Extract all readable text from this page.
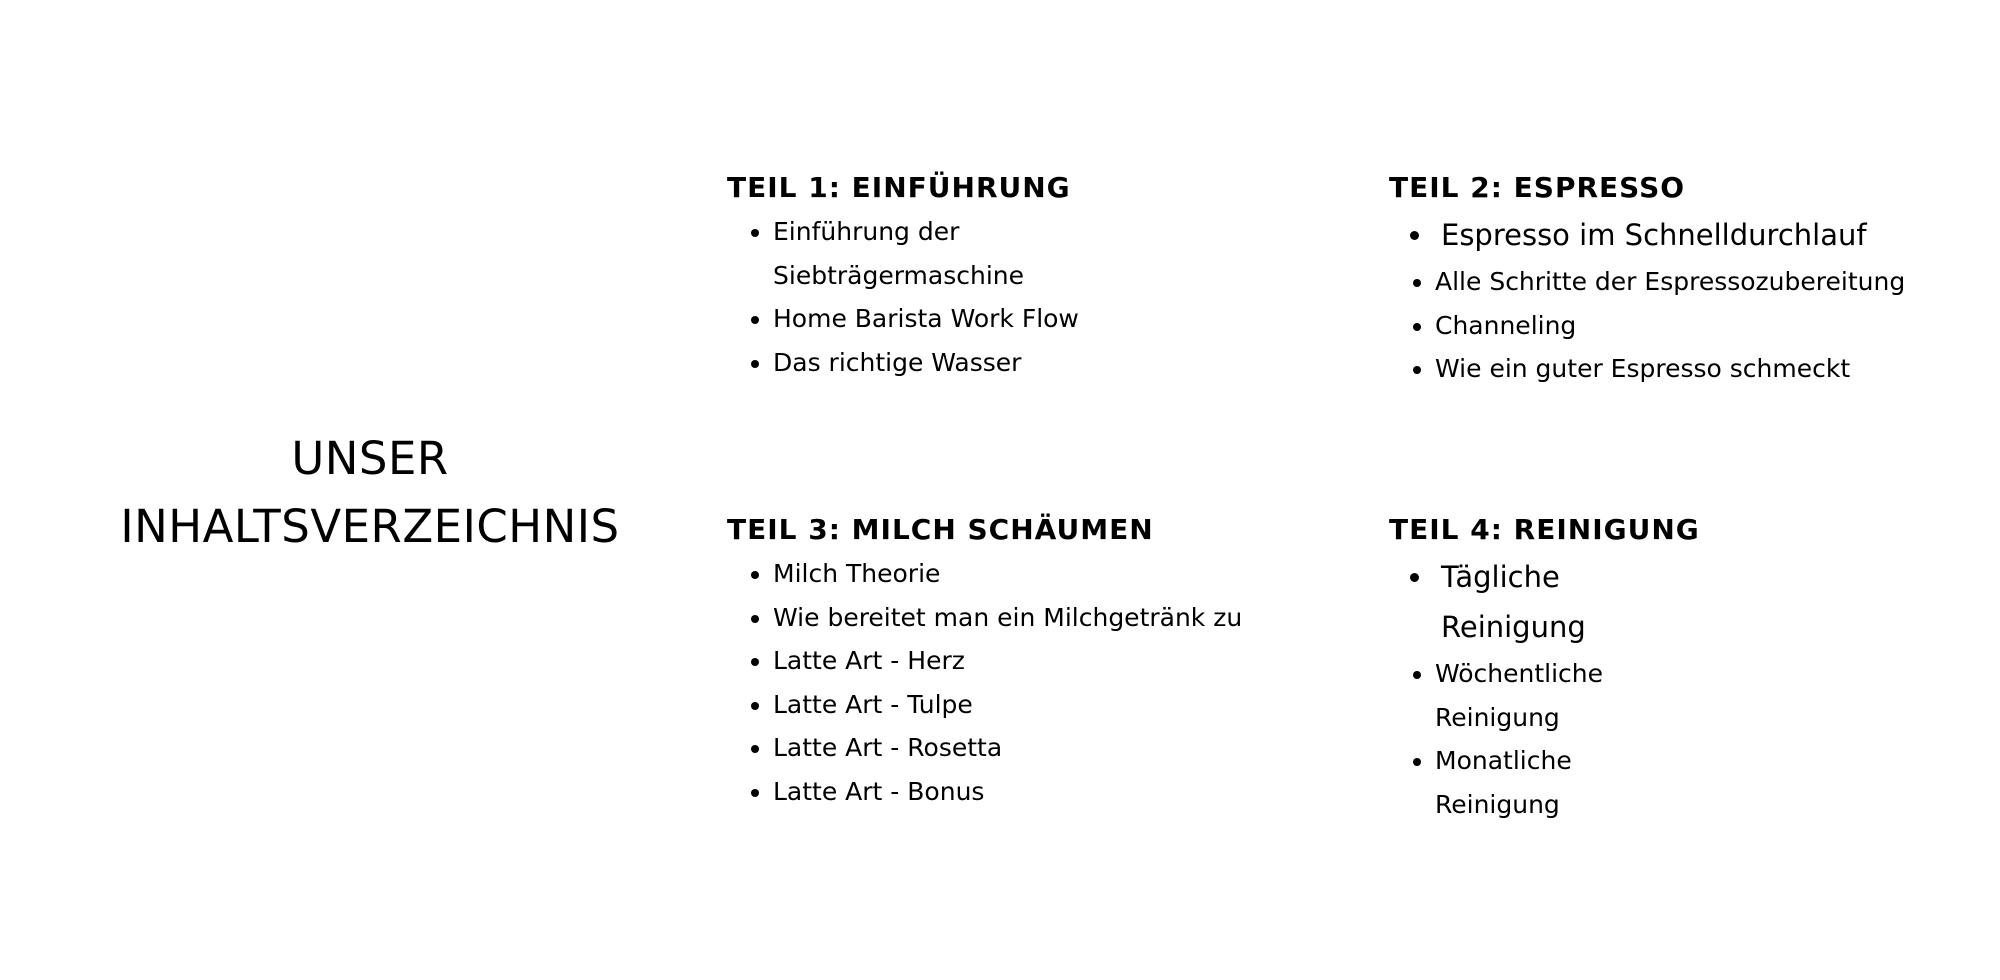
UNSER
INHALTSVERZEICHNIS
TEIL 1: EINFÜHRUNG
• Einführung der Siebträgermaschine
• Home Barista Work Flow
• Das richtige Wasser
TEIL 2: ESPRESSO
• Espresso im Schnelldurchlauf
• Alle Schritte der Espressozubereitung
• Channeling
• Wie ein guter Espresso schmeckt
TEIL 3: MILCH SCHÄUMEN
• Milch Theorie
• Wie bereitet man ein Milchgetränk zu
• Latte Art - Herz
• Latte Art - Tulpe
• Latte Art - Rosetta
• Latte Art - Bonus
TEIL 4: REINIGUNG
• Tägliche Reinigung
• Wöchentliche Reinigung
• Monatliche Reinigung
